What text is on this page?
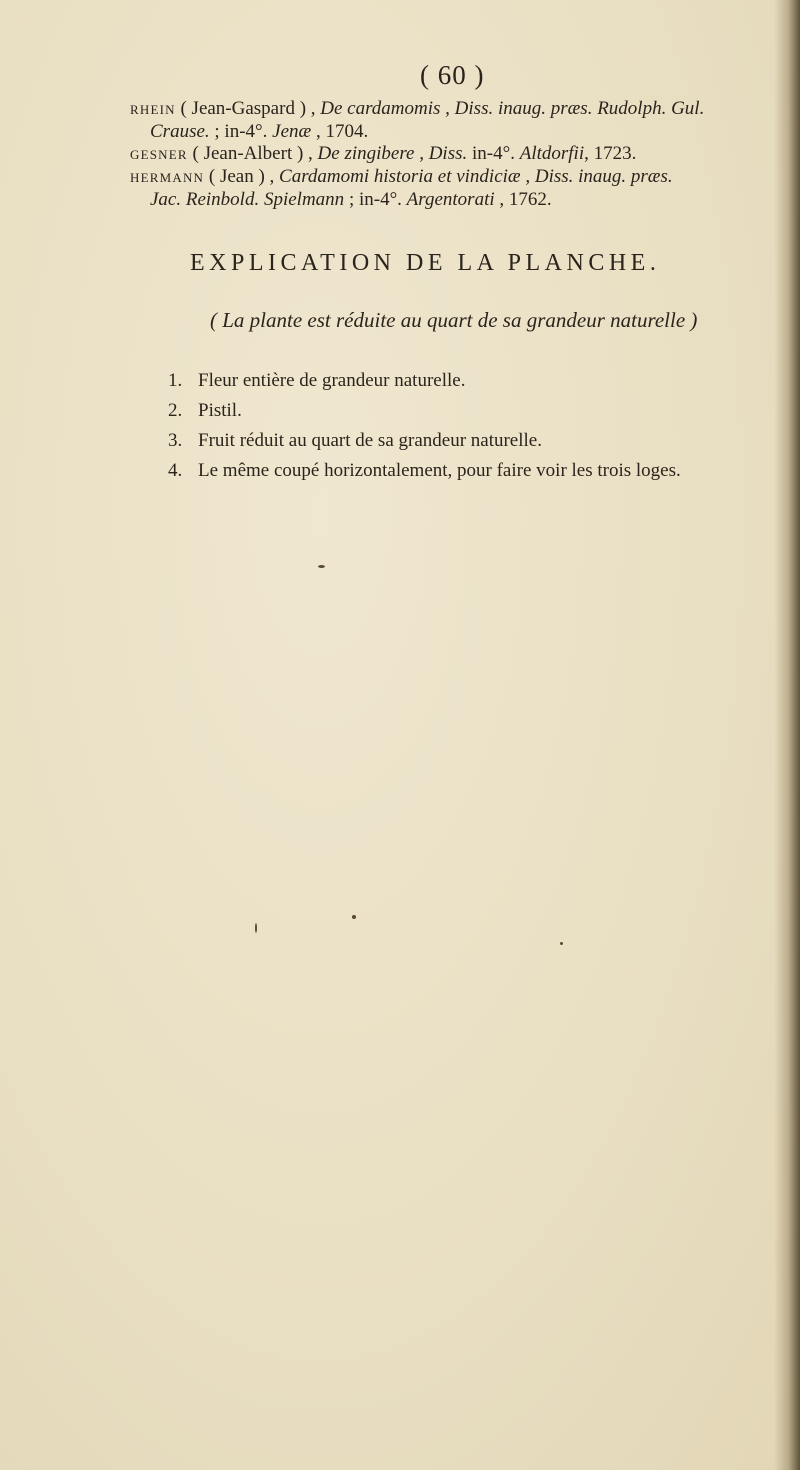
( 60 )

RHEIN ( Jean-Gaspard ) , De cardamomis , Diss. inaug. præs. Rudolph. Gul.
Crause. ; in-4°. Jenæ , 1704.

GESNER ( Jean-Albert ) , De zingibere , Diss. in-4°. Altdorfii, 1723.

HERMANN ( Jean ) , Cardamomi historia et vindiciæ , Diss. inaug. præs.
Jac. Reinbold. Spielmann ; in-4°. Argentorati , 1762.

EXPLICATION DE LA PLANCHE.
( La plante est réduite au quart de sa grandeur naturelle )
1. Fleur entière de grandeur naturelle.
2. Pistil.
3. Fruit réduit au quart de sa grandeur naturelle.
4. Le même coupé horizontalement, pour faire voir les trois loges.
